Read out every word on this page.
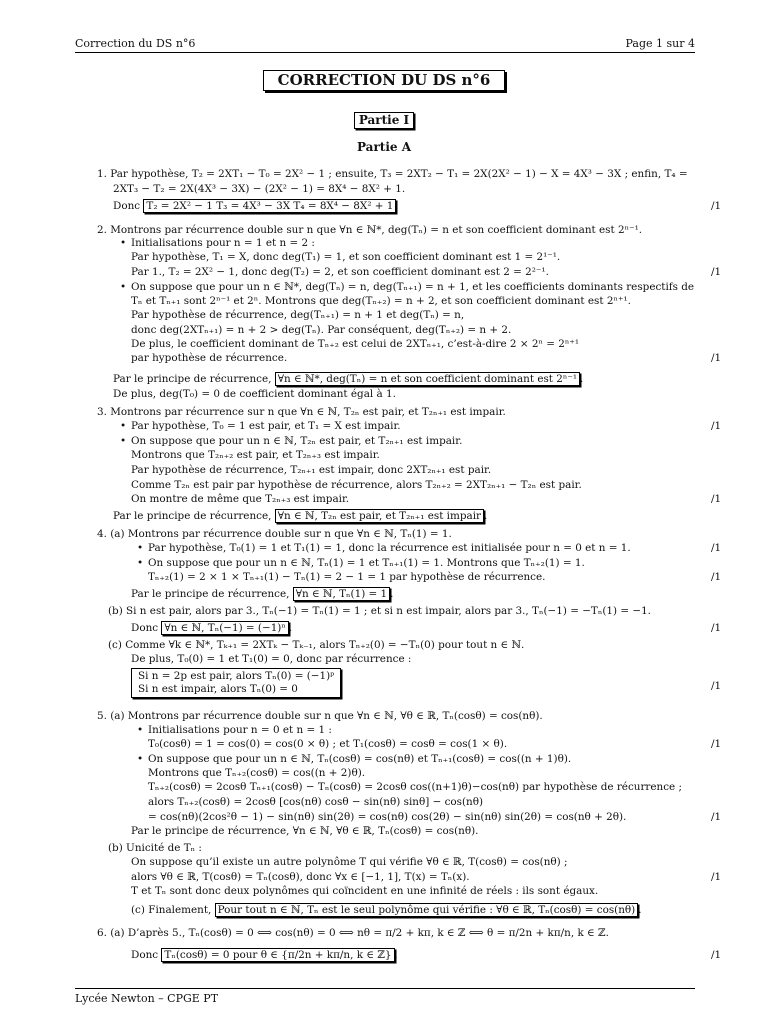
Correction du DS n°6	Page 1 sur 4
CORRECTION DU DS n°6
Partie I
Partie A
1. Par hypothèse, T₂ = 2XT₁ − T₀ = 2X² − 1 ; ensuite, T₃ = 2XT₂ − T₁ = 2X(2X² − 1) − X = 4X³ − 3X ; enfin, T₄ =
2XT₃ − T₂ = 2X(4X³ − 3X) − (2X² − 1) = 8X⁴ − 8X² + 1.
2. Montrons par récurrence double sur n que ∀n ∈ ℕ*, deg(Tₙ) = n et son coefficient dominant est 2ⁿ⁻¹.
• Initialisations pour n = 1 et n = 2 :
Par hypothèse, T₁ = X, donc deg(T₁) = 1, et son coefficient dominant est 1 = 2¹⁻¹.
Par 1., T₂ = 2X² − 1, donc deg(T₂) = 2, et son coefficient dominant est 2 = 2²⁻¹.
• On suppose que pour un n ∈ ℕ*, deg(Tₙ) = n, deg(Tₙ₊₁) = n + 1, et les coefficients dominants respectifs de
Tₙ et Tₙ₊₁ sont 2ⁿ⁻¹ et 2ⁿ. Montrons que deg(Tₙ₊₂) = n + 2, et son coefficient dominant est 2ⁿ⁺¹.
Par hypothèse de récurrence, deg(Tₙ₊₁) = n + 1 et deg(Tₙ) = n,
donc deg(2XTₙ₊₁) = n + 2 > deg(Tₙ). Par conséquent, deg(Tₙ₊₂) = n + 2.
De plus, le coefficient dominant de Tₙ₊₂ est celui de 2XTₙ₊₁, c’est-à-dire 2 × 2ⁿ = 2ⁿ⁺¹
par hypothèse de récurrence.
De plus, deg(T₀) = 0 de coefficient dominant égal à 1.
3. Montrons par récurrence sur n que ∀n ∈ ℕ, T₂ₙ est pair, et T₂ₙ₊₁ est impair.
• Par hypothèse, T₀ = 1 est pair, et T₁ = X est impair.
• On suppose que pour un n ∈ ℕ, T₂ₙ est pair, et T₂ₙ₊₁ est impair.
Montrons que T₂ₙ₊₂ est pair, et T₂ₙ₊₃ est impair.
Par hypothèse de récurrence, T₂ₙ₊₁ est impair, donc 2XT₂ₙ₊₁ est pair.
Comme T₂ₙ est pair par hypothèse de récurrence, alors T₂ₙ₊₂ = 2XT₂ₙ₊₁ − T₂ₙ est pair.
On montre de même que T₂ₙ₊₃ est impair.
4. (a) Montrons par récurrence double sur n que ∀n ∈ ℕ, Tₙ(1) = 1.
• Par hypothèse, T₀(1) = 1 et T₁(1) = 1, donc la récurrence est initialisée pour n = 0 et n = 1.
• On suppose que pour un n ∈ ℕ, Tₙ(1) = 1 et Tₙ₊₁(1) = 1. Montrons que Tₙ₊₂(1) = 1.
Tₙ₊₂(1) = 2 × 1 × Tₙ₊₁(1) − Tₙ(1) = 2 − 1 = 1 par hypothèse de récurrence.
(b) Si n est pair, alors par 3., Tₙ(−1) = Tₙ(1) = 1 ; et si n est impair, alors par 3., Tₙ(−1) = −Tₙ(1) = −1.
(c) Comme ∀k ∈ ℕ*, Tₖ₊₁ = 2XTₖ − Tₖ₋₁, alors Tₙ₊₂(0) = −Tₙ(0) pour tout n ∈ ℕ.
De plus, T₀(0) = 1 et T₁(0) = 0, donc par récurrence :
5. (a) Montrons par récurrence double sur n que ∀n ∈ ℕ, ∀θ ∈ ℝ, Tₙ(cosθ) = cos(nθ).
• Initialisations pour n = 0 et n = 1 :
T₀(cosθ) = 1 = cos(0) = cos(0 × θ) ; et T₁(cosθ) = cosθ = cos(1 × θ).
• On suppose que pour un n ∈ ℕ, Tₙ(cosθ) = cos(nθ) et Tₙ₊₁(cosθ) = cos((n + 1)θ).
Montrons que Tₙ₊₂(cosθ) = cos((n + 2)θ).
Tₙ₊₂(cosθ) = 2cosθ Tₙ₊₁(cosθ) − Tₙ(cosθ) = 2cosθ cos((n+1)θ)−cos(nθ) par hypothèse de récurrence ;
alors Tₙ₊₂(cosθ) = 2cosθ [cos(nθ) cosθ − sin(nθ) sinθ] − cos(nθ)
= cos(nθ)(2cos²θ − 1) − sin(nθ) sin(2θ) = cos(nθ) cos(2θ) − sin(nθ) sin(2θ) = cos(nθ + 2θ).
Par le principe de récurrence, ∀n ∈ ℕ, ∀θ ∈ ℝ, Tₙ(cosθ) = cos(nθ).
(b) Unicité de Tₙ :
On suppose qu’il existe un autre polynôme T qui vérifie ∀θ ∈ ℝ, T(cosθ) = cos(nθ) ;
alors ∀θ ∈ ℝ, T(cosθ) = Tₙ(cosθ), donc ∀x ∈ [−1, 1], T(x) = Tₙ(x).
T et Tₙ sont donc deux polynômes qui coïncident en une infinité de réels : ils sont égaux.
6. (a) D’après 5., Tₙ(cosθ) = 0 ⟺ cos(nθ) = 0 ⟺ nθ = π/2 + kπ, k ∈ ℤ ⟺ θ = π/2n + kπ/n, k ∈ ℤ.
Donc T₂ = 2X² − 1 T₃ = 4X³ − 3X T₄ = 8X⁴ − 8X² + 1
Par le principe de récurrence, ∀n ∈ ℕ*, deg(Tₙ) = n et son coefficient dominant est 2ⁿ⁻¹ .
Par le principe de récurrence, ∀n ∈ ℕ, T₂ₙ est pair, et T₂ₙ₊₁ est impair .
Par le principe de récurrence, ∀n ∈ ℕ, Tₙ(1) = 1 .
Donc ∀n ∈ ℕ, Tₙ(−1) = (−1)ⁿ .
(c) Finalement, Pour tout n ∈ ℕ, Tₙ est le seul polynôme qui vérifie : ∀θ ∈ ℝ, Tₙ(cosθ) = cos(nθ) .
Donc Tₙ(cosθ) = 0 pour θ ∈ {π/2n + kπ/n, k ∈ ℤ} .
/1
/1
/1
/1
/1
/1
/1
/1
/1
/1
/1
/1
/1
Si n = 2p est pair, alors Tₙ(0) = (−1)ᵖ
Si n est impair, alors Tₙ(0) = 0
Lycée Newton – CPGE PT
